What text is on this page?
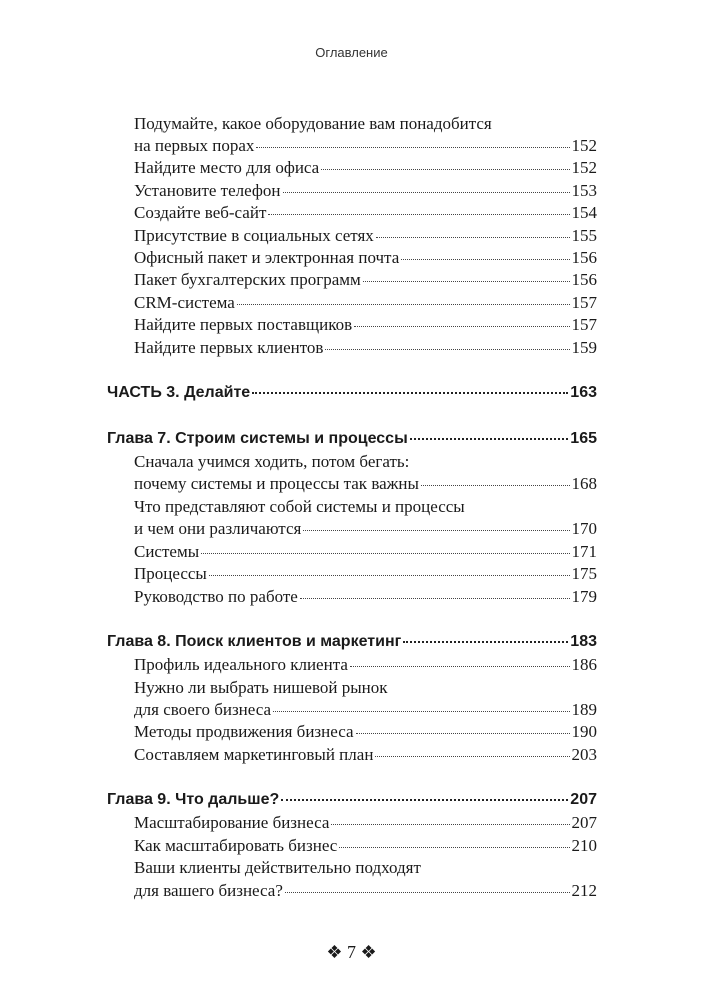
Оглавление
Подумайте, какое оборудование вам понадобится
на первых порах	152
Найдите место для офиса	152
Установите телефон	153
Создайте веб-сайт	154
Присутствие в социальных сетях	155
Офисный пакет и электронная почта	156
Пакет бухгалтерских программ	156
CRM-система	157
Найдите первых поставщиков	157
Найдите первых клиентов	159
ЧАСТЬ 3. Делайте	163
Глава 7. Строим системы и процессы	165
Сначала учимся ходить, потом бегать:
почему системы и процессы так важны	168
Что представляют собой системы и процессы
и чем они различаются	170
Системы	171
Процессы	175
Руководство по работе	179
Глава 8. Поиск клиентов и маркетинг	183
Профиль идеального клиента	186
Нужно ли выбрать нишевой рынок
для своего бизнеса	189
Методы продвижения бизнеса	190
Составляем маркетинговый план	203
Глава 9. Что дальше?	207
Масштабирование бизнеса	207
Как масштабировать бизнес	210
Ваши клиенты действительно подходят
для вашего бизнеса?	212
❖ 7 ❖
